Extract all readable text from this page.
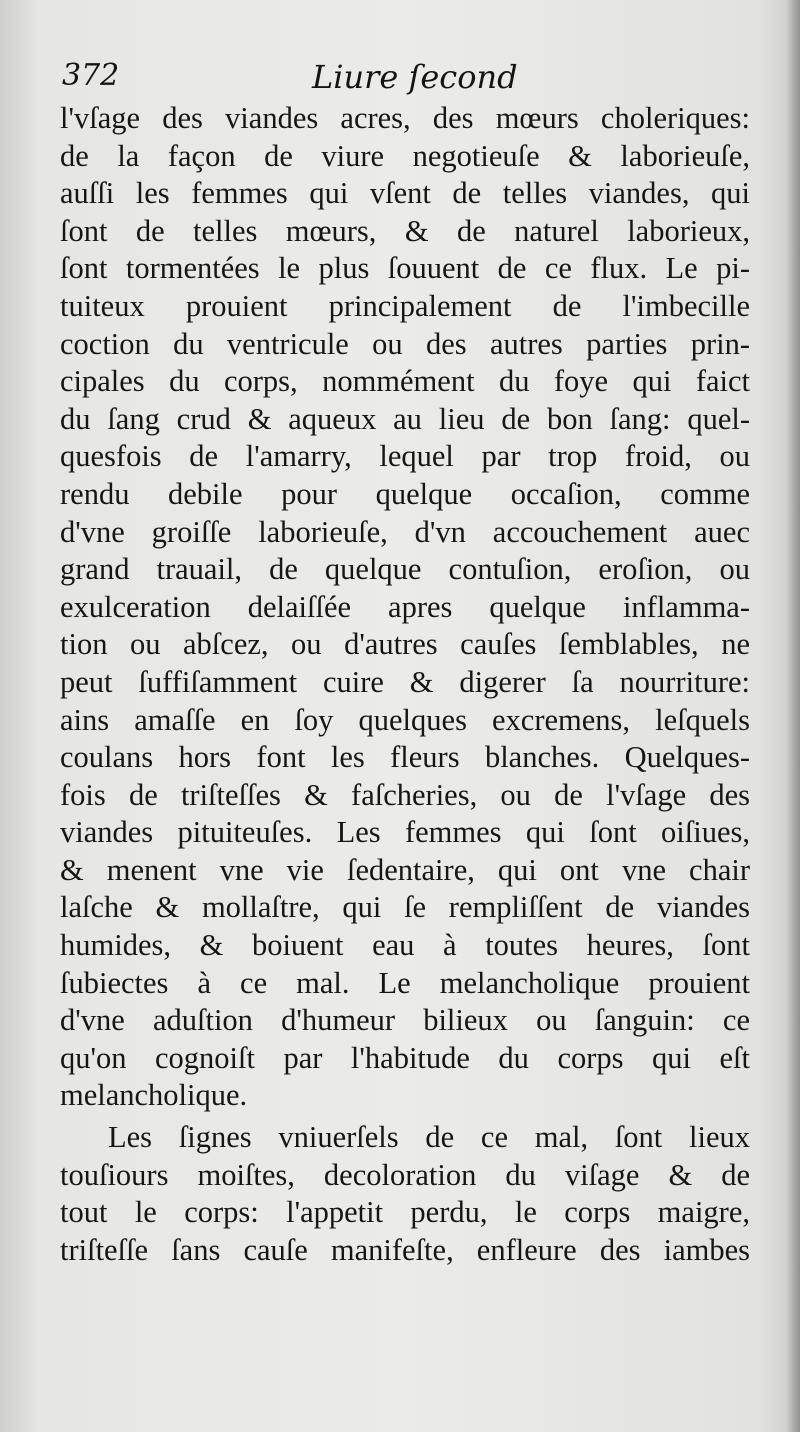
372	Liure ſecond
l'vſage des viandes acres, des mœurs choleriques:
de la façon de viure negotieuſe & laborieuſe,
auſſi les femmes qui vſent de telles viandes, qui
ſont de telles mœurs, & de naturel laborieux,
ſont tormentées le plus ſouuent de ce flux. Le pi-
tuiteux prouient principalement de l'imbecille
coction du ventricule ou des autres parties prin-
cipales du corps, nommément du foye qui faict
du ſang crud & aqueux au lieu de bon ſang: quel-
quesfois de l'amarry, lequel par trop froid, ou
rendu debile pour quelque occaſion, comme
d'vne groiſſe laborieuſe, d'vn accouchement auec
grand trauail, de quelque contuſion, eroſion, ou
exulceration delaiſſée apres quelque inflamma-
tion ou abſcez, ou d'autres cauſes ſemblables, ne
peut ſuffiſamment cuire & digerer ſa nourriture:
ains amaſſe en ſoy quelques excremens, leſquels
coulans hors font les fleurs blanches. Quelques-
fois de triſteſſes & faſcheries, ou de l'vſage des
viandes pituiteuſes. Les femmes qui ſont oiſiues,
& menent vne vie ſedentaire, qui ont vne chair
laſche & mollaſtre, qui ſe rempliſſent de viandes
humides, & boiuent eau à toutes heures, ſont
ſubiectes à ce mal. Le melancholique prouient
d'vne aduſtion d'humeur bilieux ou ſanguin: ce
qu'on cognoiſt par l'habitude du corps qui eſt
melancholique.
Les ſignes vniuerſels de ce mal, ſont lieux
touſiours moiſtes, decoloration du viſage & de
tout le corps: l'appetit perdu, le corps maigre,
triſteſſe ſans cauſe manifeſte, enfleure des iambes
